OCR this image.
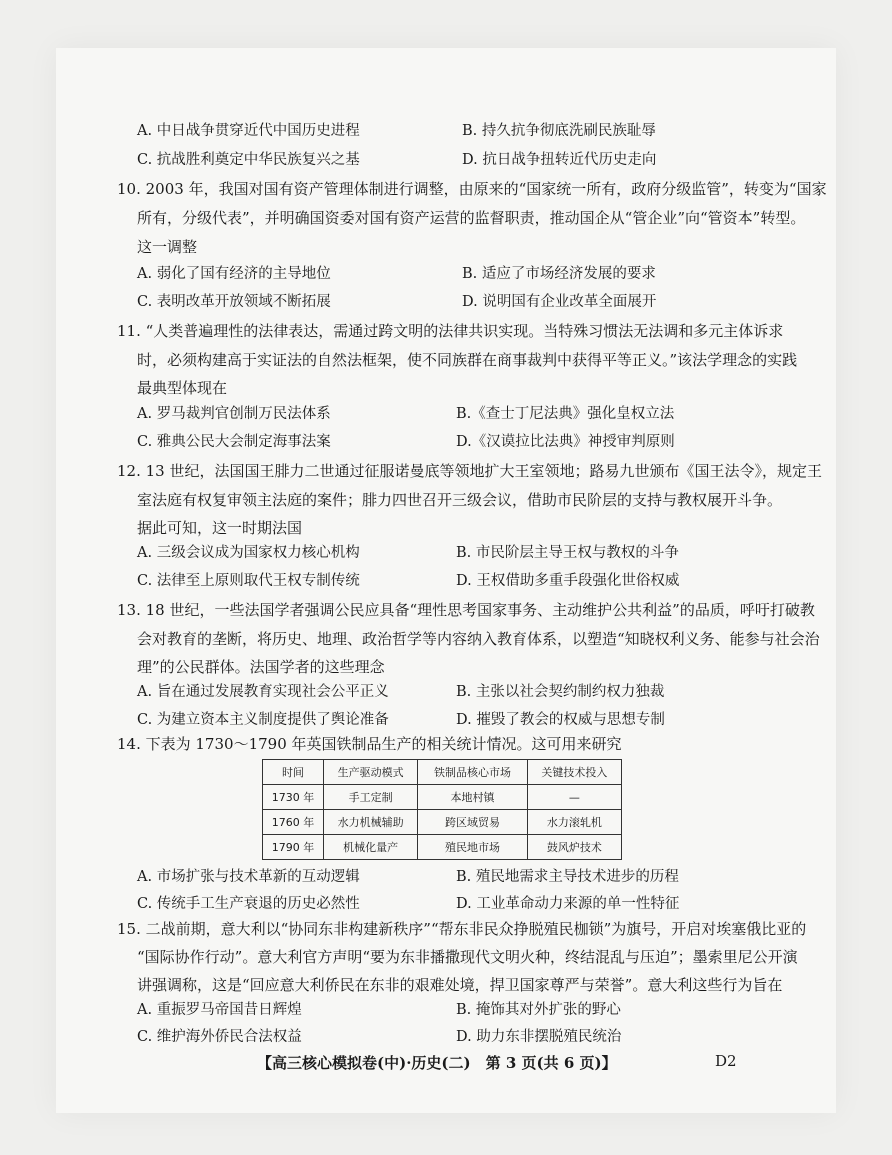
A. 中日战争贯穿近代中国历史进程	B. 持久抗争彻底洗刷民族耻辱
C. 抗战胜利奠定中华民族复兴之基	D. 抗日战争扭转近代历史走向
10. 2003 年，我国对国有资产管理体制进行调整，由原来的“国家统一所有，政府分级监管”，转变为“国家
所有，分级代表”，并明确国资委对国有资产运营的监督职责，推动国企从“管企业”向“管资本”转型。
这一调整
A. 弱化了国有经济的主导地位	B. 适应了市场经济发展的要求
C. 表明改革开放领域不断拓展	D. 说明国有企业改革全面展开
11. “人类普遍理性的法律表达，需通过跨文明的法律共识实现。当特殊习惯法无法调和多元主体诉求
时，必须构建高于实证法的自然法框架，使不同族群在商事裁判中获得平等正义。”该法学理念的实践
最典型体现在
A. 罗马裁判官创制万民法体系	B.《查士丁尼法典》强化皇权立法
C. 雅典公民大会制定海事法案	D.《汉谟拉比法典》神授审判原则
12. 13 世纪，法国国王腓力二世通过征服诺曼底等领地扩大王室领地；路易九世颁布《国王法令》，规定王
室法庭有权复审领主法庭的案件；腓力四世召开三级会议，借助市民阶层的支持与教权展开斗争。
据此可知，这一时期法国
A. 三级会议成为国家权力核心机构	B. 市民阶层主导王权与教权的斗争
C. 法律至上原则取代王权专制传统	D. 王权借助多重手段强化世俗权威
13. 18 世纪，一些法国学者强调公民应具备“理性思考国家事务、主动维护公共利益”的品质，呼吁打破教
会对教育的垄断，将历史、地理、政治哲学等内容纳入教育体系，以塑造“知晓权利义务、能参与社会治
理”的公民群体。法国学者的这些理念
A. 旨在通过发展教育实现社会公平正义	B. 主张以社会契约制约权力独裁
C. 为建立资本主义制度提供了舆论准备	D. 摧毁了教会的权威与思想专制
14. 下表为 1730～1790 年英国铁制品生产的相关统计情况。这可用来研究
时间	生产驱动模式	铁制品核心市场	关键技术投入
1730 年	手工定制	本地村镇	—
1760 年	水力机械辅助	跨区域贸易	水力滚轧机
1790 年	机械化量产	殖民地市场	鼓风炉技术
A. 市场扩张与技术革新的互动逻辑	B. 殖民地需求主导技术进步的历程
C. 传统手工生产衰退的历史必然性	D. 工业革命动力来源的单一性特征
15. 二战前期，意大利以“协同东非构建新秩序”“帮东非民众挣脱殖民枷锁”为旗号，开启对埃塞俄比亚的
“国际协作行动”。意大利官方声明“要为东非播撒现代文明火种，终结混乱与压迫”；墨索里尼公开演
讲强调称，这是“回应意大利侨民在东非的艰难处境，捍卫国家尊严与荣誉”。意大利这些行为旨在
A. 重振罗马帝国昔日辉煌	B. 掩饰其对外扩张的野心
C. 维护海外侨民合法权益	D. 助力东非摆脱殖民统治
【高三核心模拟卷(中)·历史(二)　第 3 页(共 6 页)】	D2
